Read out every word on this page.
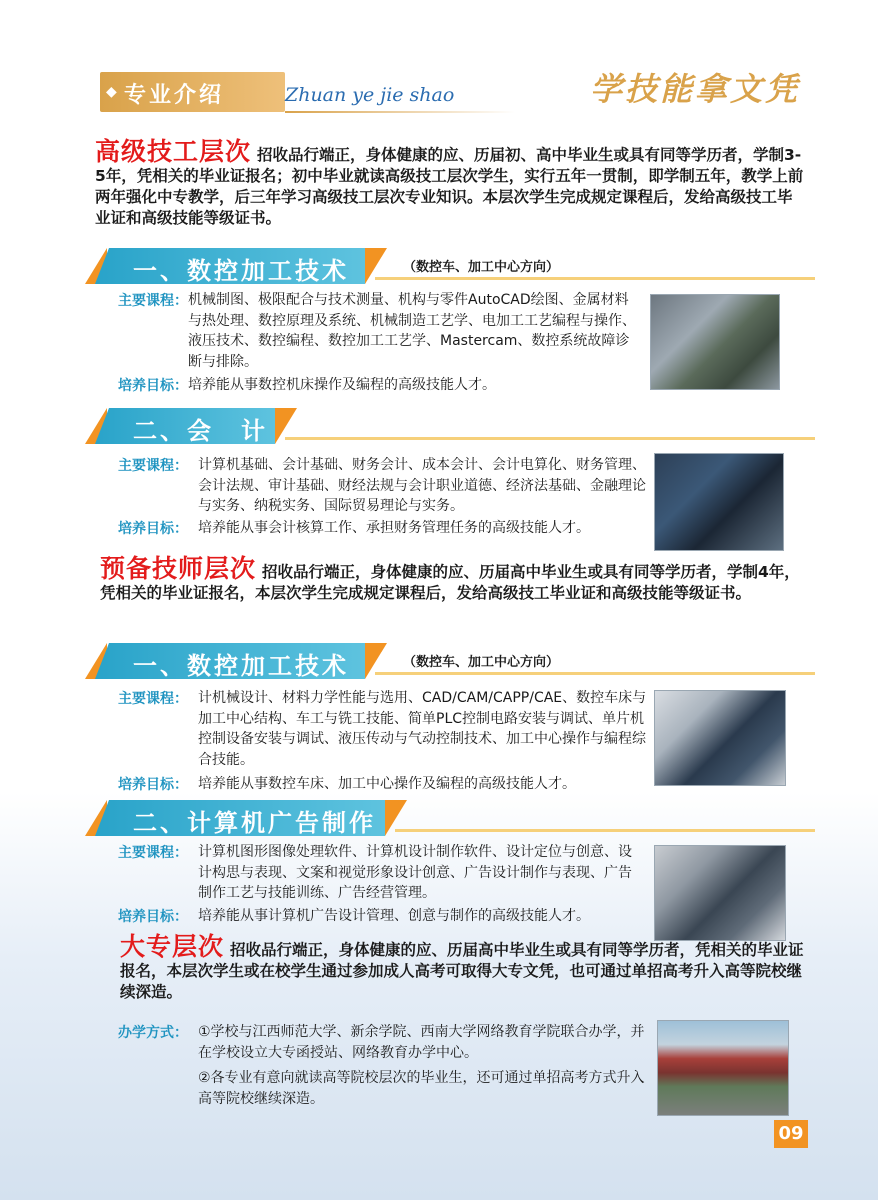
◆ 专业介绍	Zhuan ye jie shao	学技能拿文凭
高级技工层次 招收品行端正，身体健康的应、历届初、高中毕业生或具有同等学历者，学制3-5年，凭相关的毕业证报名；初中毕业就读高级技工层次学生，实行五年一贯制，即学制五年，教学上前两年强化中专教学，后三年学习高级技工层次专业知识。本层次学生完成规定课程后，发给高级技工毕业证和高级技能等级证书。
一、数控加工技术	（数控车、加工中心方向）
主要课程： 机械制图、极限配合与技术测量、机构与零件AutoCAD绘图、金属材料与热处理、数控原理及系统、机械制造工艺学、电加工工艺编程与操作、液压技术、数控编程、数控加工工艺学、Mastercam、数控系统故障诊断与排除。
培养目标： 培养能从事数控机床操作及编程的高级技能人才。
二、会　计
主要课程： 计算机基础、会计基础、财务会计、成本会计、会计电算化、财务管理、会计法规、审计基础、财经法规与会计职业道德、经济法基础、金融理论与实务、纳税实务、国际贸易理论与实务。
培养目标： 培养能从事会计核算工作、承担财务管理任务的高级技能人才。
预备技师层次 招收品行端正，身体健康的应、历届高中毕业生或具有同等学历者，学制4年，凭相关的毕业证报名，本层次学生完成规定课程后，发给高级技工毕业证和高级技能等级证书。
一、数控加工技术	（数控车、加工中心方向）
主要课程： 计机械设计、材料力学性能与选用、CAD/CAM/CAPP/CAE、数控车床与加工中心结构、车工与铣工技能、简单PLC控制电路安装与调试、单片机控制设备安装与调试、液压传动与气动控制技术、加工中心操作与编程综合技能。
培养目标： 培养能从事数控车床、加工中心操作及编程的高级技能人才。
二、计算机广告制作
主要课程： 计算机图形图像处理软件、计算机设计制作软件、设计定位与创意、设计构思与表现、文案和视觉形象设计创意、广告设计制作与表现、广告制作工艺与技能训练、广告经营管理。
培养目标： 培养能从事计算机广告设计管理、创意与制作的高级技能人才。
大专层次 招收品行端正，身体健康的应、历届高中毕业生或具有同等学历者，凭相关的毕业证报名，本层次学生或在校学生通过参加成人高考可取得大专文凭，也可通过单招高考升入高等院校继续深造。
办学方式： ①学校与江西师范大学、新余学院、西南大学网络教育学院联合办学，并在学校设立大专函授站、网络教育办学中心。
②各专业有意向就读高等院校层次的毕业生，还可通过单招高考方式升入高等院校继续深造。
09
